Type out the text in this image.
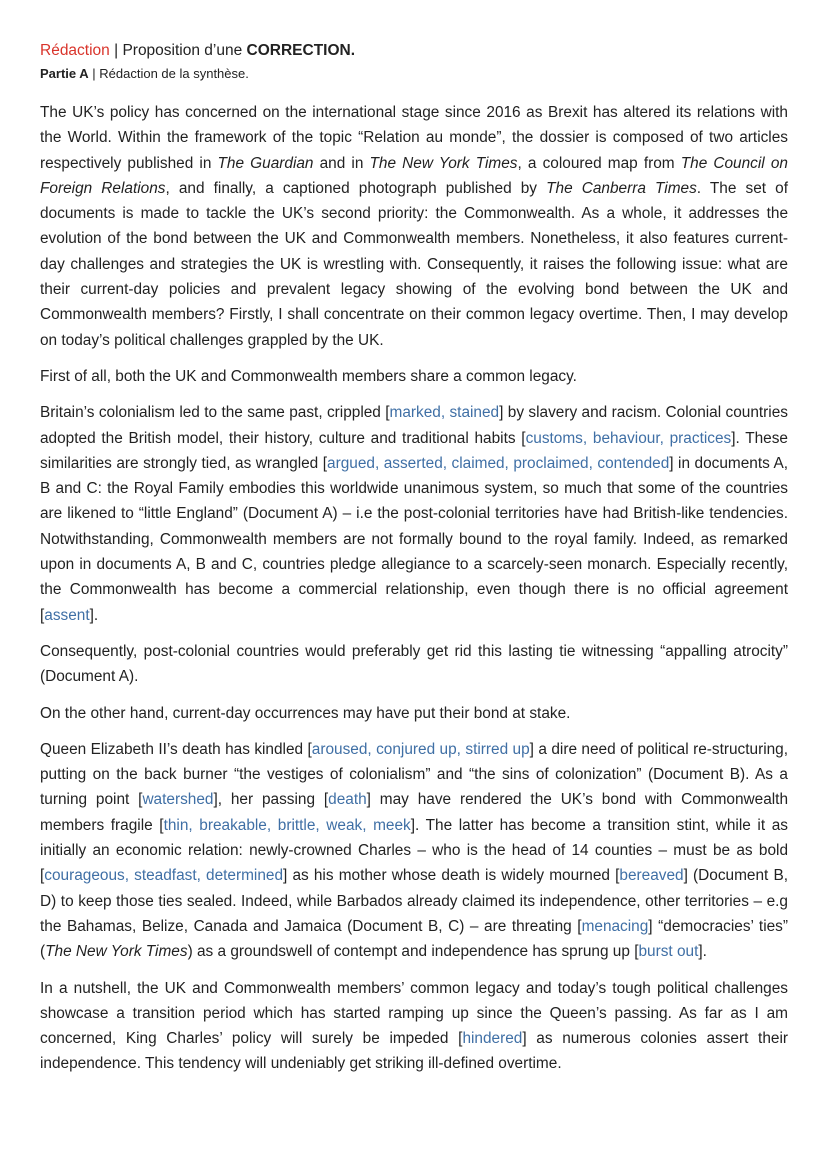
Rédaction | Proposition d’une CORRECTION.
Partie A | Rédaction de la synthèse.

The UK’s policy has concerned on the international stage since 2016 as Brexit has altered its relations with the World. Within the framework of the topic “Relation au monde”, the dossier is composed of two articles respectively published in The Guardian and in The New York Times, a coloured map from The Council on Foreign Relations, and finally, a captioned photograph published by The Canberra Times. The set of documents is made to tackle the UK’s second priority: the Commonwealth. As a whole, it addresses the evolution of the bond between the UK and Commonwealth members. Nonetheless, it also features current-day challenges and strategies the UK is wrestling with. Consequently, it raises the following issue: what are their current-day policies and prevalent legacy showing of the evolving bond between the UK and Commonwealth members? Firstly, I shall concentrate on their common legacy overtime. Then, I may develop on today’s political challenges grappled by the UK.

First of all, both the UK and Commonwealth members share a common legacy.

Britain’s colonialism led to the same past, crippled [marked, stained] by slavery and racism. Colonial countries adopted the British model, their history, culture and traditional habits [customs, behaviour, practices]. These similarities are strongly tied, as wrangled [argued, asserted, claimed, proclaimed, contended] in documents A, B and C: the Royal Family embodies this worldwide unanimous system, so much that some of the countries are likened to “little England” (Document A) – i.e the post-colonial territories have had British-like tendencies. Notwithstanding, Commonwealth members are not formally bound to the royal family. Indeed, as remarked upon in documents A, B and C, countries pledge allegiance to a scarcely-seen monarch. Especially recently, the Commonwealth has become a commercial relationship, even though there is no official agreement [assent].

Consequently, post-colonial countries would preferably get rid this lasting tie witnessing “appalling atrocity” (Document A).

On the other hand, current-day occurrences may have put their bond at stake.

Queen Elizabeth II’s death has kindled [aroused, conjured up, stirred up] a dire need of political re-structuring, putting on the back burner “the vestiges of colonialism” and “the sins of colonization” (Document B). As a turning point [watershed], her passing [death] may have rendered the UK’s bond with Commonwealth members fragile [thin, breakable, brittle, weak, meek]. The latter has become a transition stint, while it as initially an economic relation: newly-crowned Charles – who is the head of 14 counties – must be as bold [courageous, steadfast, determined] as his mother whose death is widely mourned [bereaved] (Document B, D) to keep those ties sealed. Indeed, while Barbados already claimed its independence, other territories – e.g the Bahamas, Belize, Canada and Jamaica (Document B, C) – are threating [menacing] “democracies’ ties” (The New York Times) as a groundswell of contempt and independence has sprung up [burst out].

In a nutshell, the UK and Commonwealth members’ common legacy and today’s tough political challenges showcase a transition period which has started ramping up since the Queen’s passing. As far as I am concerned, King Charles’ policy will surely be impeded [hindered] as numerous colonies assert their independence. This tendency will undeniably get striking ill-defined overtime.
